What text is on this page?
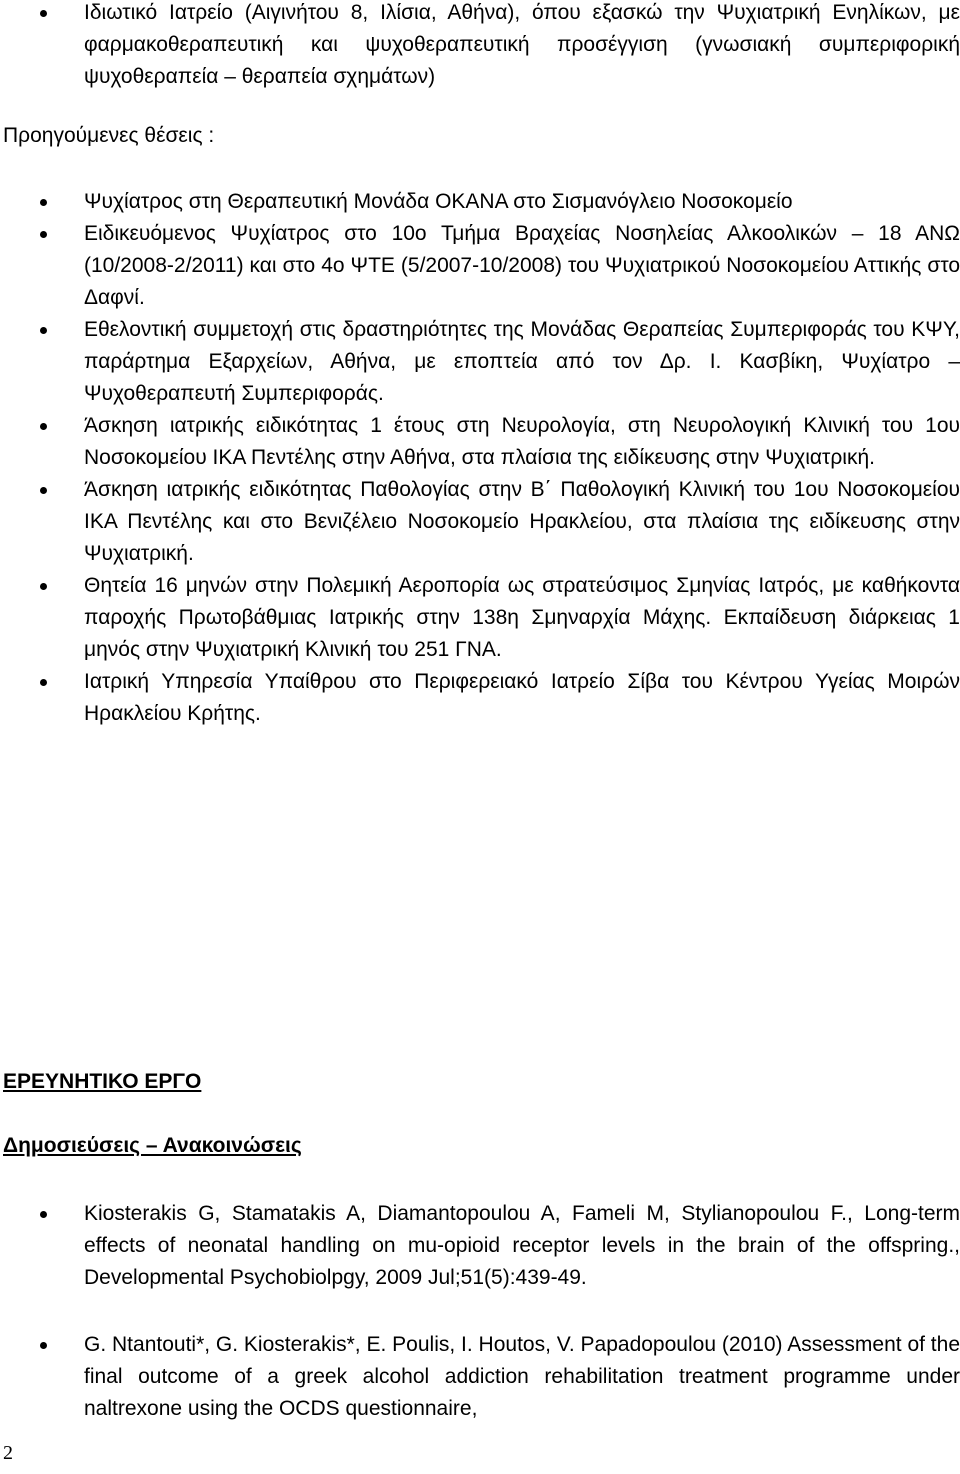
Ιδιωτικό Ιατρείο (Αιγινήτου 8, Ιλίσια, Αθήνα), όπου εξασκώ την Ψυχιατρική Ενηλίκων, με φαρμακοθεραπευτική και ψυχοθεραπευτική προσέγγιση (γνωσιακή συμπεριφορική ψυχοθεραπεία – θεραπεία σχημάτων)

Προηγούμενες θέσεις :

Ψυχίατρος στη Θεραπευτική Μονάδα ΟΚΑΝΑ στο Σισμανόγλειο Νοσοκομείο
Ειδικευόμενος Ψυχίατρος στο 10ο Τμήμα Βραχείας Νοσηλείας Αλκοολικών – 18 ΑΝΩ (10/2008-2/2011) και στο 4ο ΨΤΕ (5/2007-10/2008) του Ψυχιατρικού Νοσοκομείου Αττικής στο Δαφνί.
Εθελοντική συμμετοχή στις δραστηριότητες της Μονάδας Θεραπείας Συμπεριφοράς του ΚΨΥ, παράρτημα Εξαρχείων, Αθήνα, με εποπτεία από τον Δρ. Ι. Κασβίκη, Ψυχίατρο – Ψυχοθεραπευτή Συμπεριφοράς.
Άσκηση ιατρικής ειδικότητας 1 έτους στη Νευρολογία, στη Νευρολογική Κλινική του 1ου Νοσοκομείου ΙΚΑ Πεντέλης στην Αθήνα, στα πλαίσια της ειδίκευσης στην Ψυχιατρική.
Άσκηση ιατρικής ειδικότητας Παθολογίας στην Β΄ Παθολογική Κλινική του 1ου Νοσοκομείου ΙΚΑ Πεντέλης και στο Βενιζέλειο Νοσοκομείο Ηρακλείου, στα πλαίσια της ειδίκευσης στην Ψυχιατρική.
Θητεία 16 μηνών στην Πολεμική Αεροπορία ως στρατεύσιμος Σμηνίας Ιατρός, με καθήκοντα παροχής Πρωτοβάθμιας Ιατρικής στην 138η Σμηναρχία Μάχης. Εκπαίδευση διάρκειας 1 μηνός στην Ψυχιατρική Κλινική του 251 ΓΝΑ.
Ιατρική Υπηρεσία Υπαίθρου στο Περιφερειακό Ιατρείο Σίβα του Κέντρου Υγείας Μοιρών Ηρακλείου Κρήτης.

ΕΡΕΥΝΗΤΙΚΟ ΕΡΓΟ

Δημοσιεύσεις – Ανακοινώσεις

Kiosterakis G, Stamatakis A, Diamantopoulou A, Fameli M, Stylianopoulou F., Long-term effects of neonatal handling on mu-opioid receptor levels in the brain of the offspring., Developmental Psychobiolpgy, 2009 Jul;51(5):439-49.
G. Ntantouti*, G. Kiosterakis*, E. Poulis, I. Houtos, V. Papadopoulou (2010) Assessment of the final outcome of a greek alcohol addiction rehabilitation treatment programme under naltrexone using the OCDS questionnaire,
2
